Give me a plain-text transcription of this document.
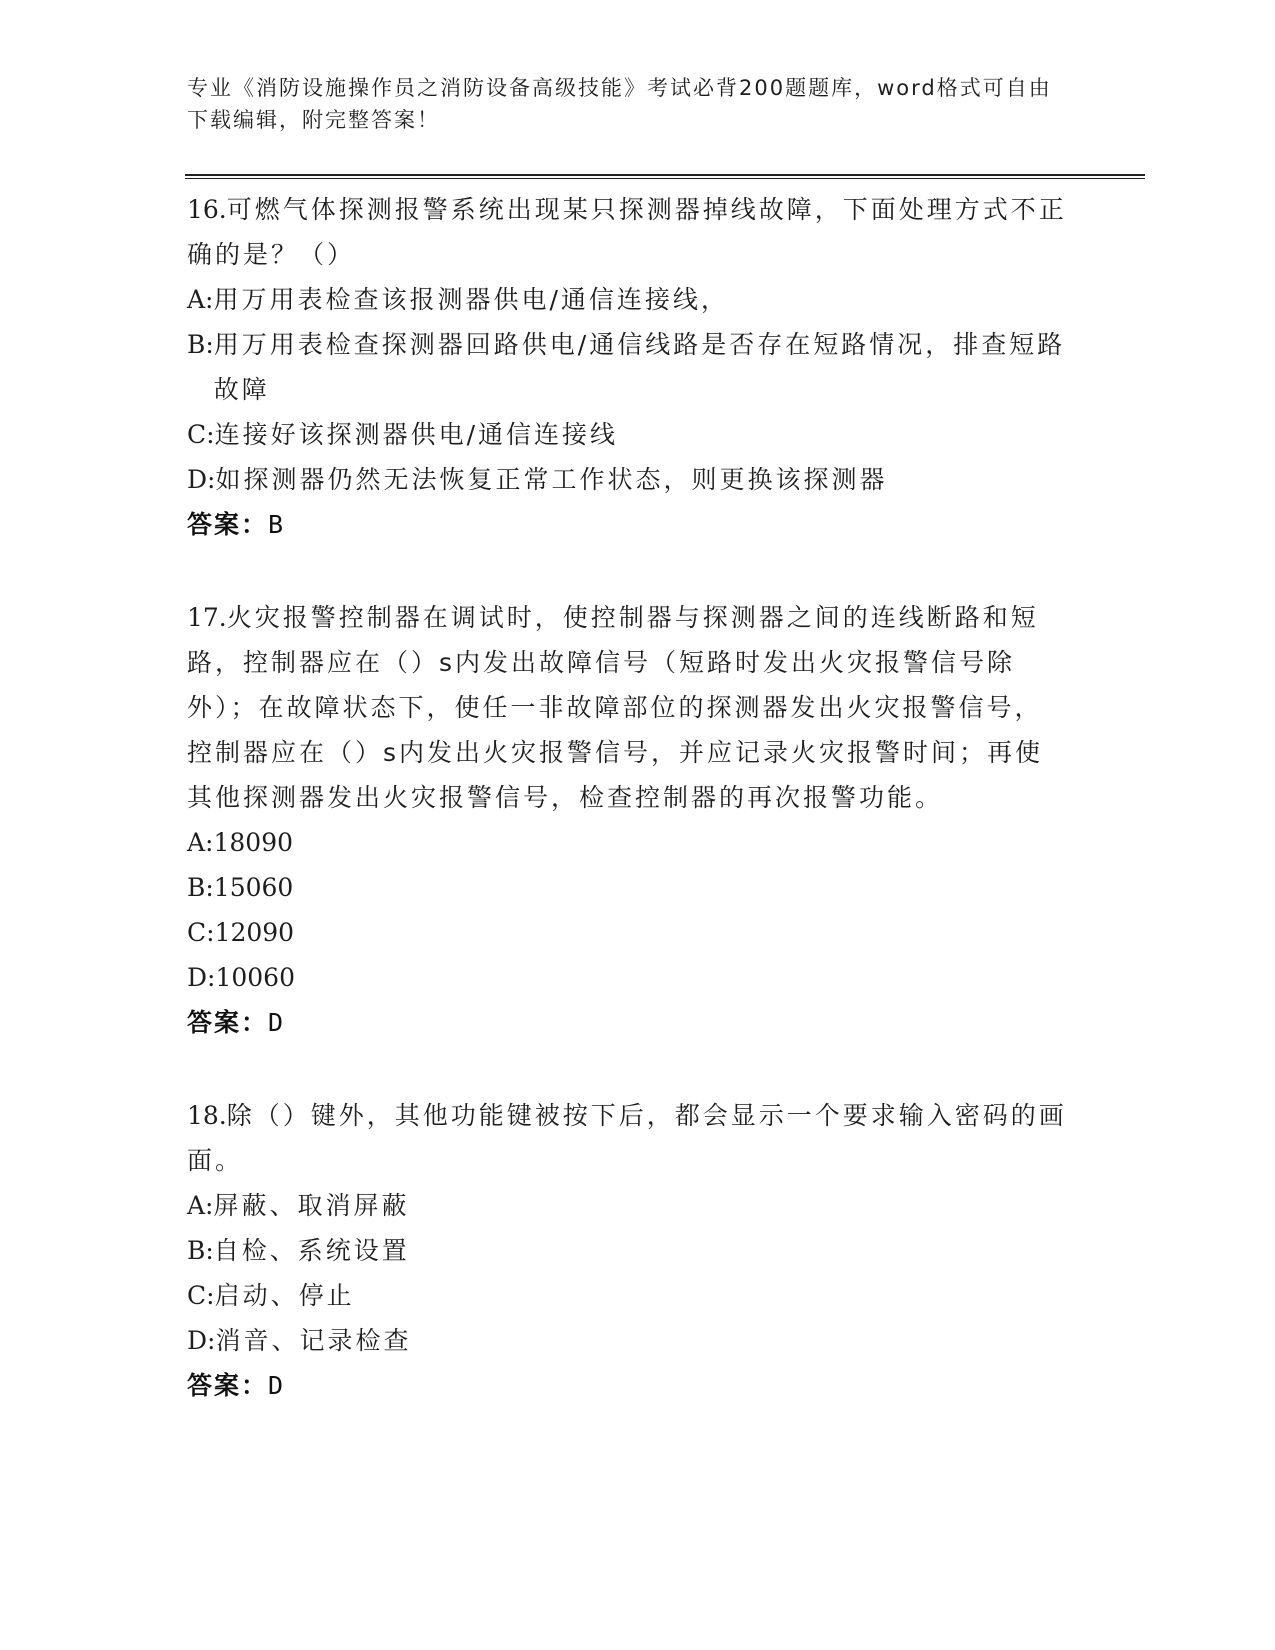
专业《消防设施操作员之消防设备高级技能》考试必背200题题库，word格式可自由下载编辑，附完整答案！
16.可燃气体探测报警系统出现某只探测器掉线故障，下面处理方式不正确的是？（）
A: 用万用表检查该报测器供电/通信连接线，
B: 用万用表检查探测器回路供电/通信线路是否存在短路情况，排查短路故障
C: 连接好该探测器供电/通信连接线
D: 如探测器仍然无法恢复正常工作状态，则更换该探测器
答案：B
17.火灾报警控制器在调试时，使控制器与探测器之间的连线断路和短路，控制器应在（）s内发出故障信号（短路时发出火灾报警信号除外）；在故障状态下，使任一非故障部位的探测器发出火灾报警信号，控制器应在（）s内发出火灾报警信号，并应记录火灾报警时间；再使其他探测器发出火灾报警信号，检查控制器的再次报警功能。
A: 18090
B: 15060
C: 12090
D: 10060
答案：D
18.除（）键外，其他功能键被按下后，都会显示一个要求输入密码的画面。
A: 屏蔽、取消屏蔽
B: 自检、系统设置
C: 启动、停止
D: 消音、记录检查
答案：D
